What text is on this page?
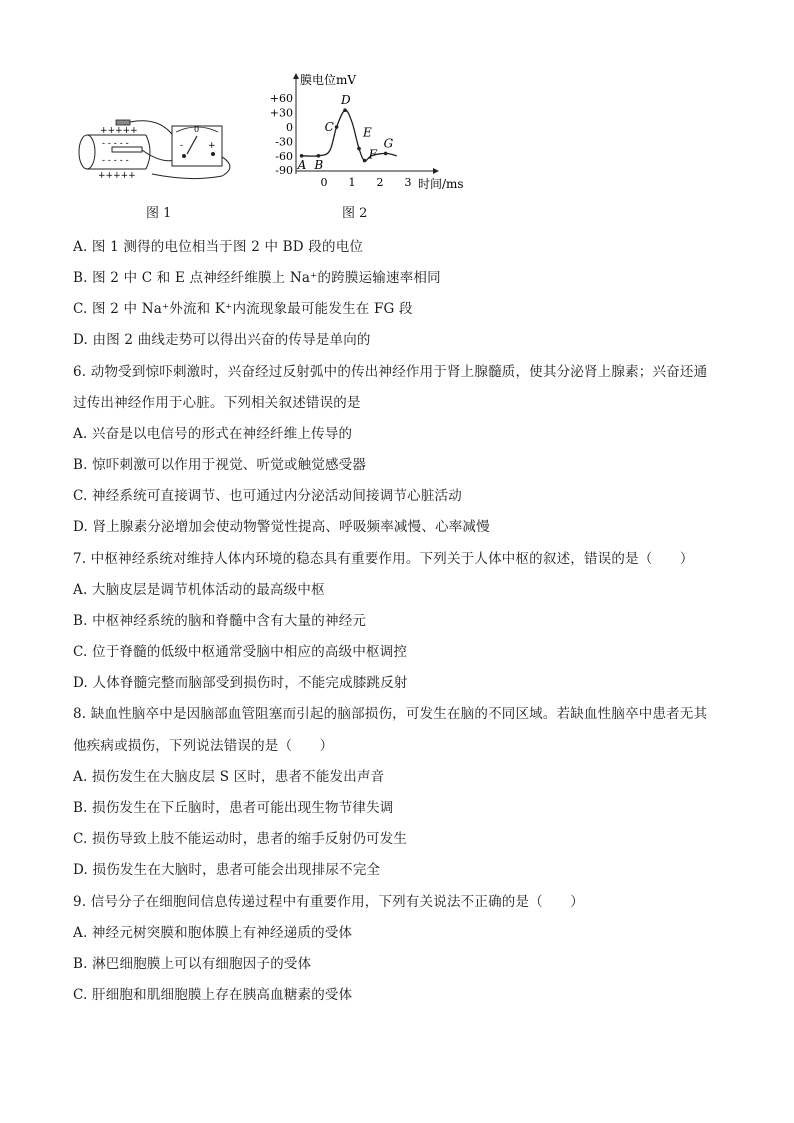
+++++
- - - - -
- - - - -
+++++
0
-	+
图 1
膜电位mV
时间/ms
+60
+30
0
-30
-60
-90
0 1 2 3
A B
C
D
E
F
G
图 2
A. 图 1 测得的电位相当于图 2 中 BD 段的电位
B. 图 2 中 C 和 E 点神经纤维膜上 Na⁺的跨膜运输速率相同
C. 图 2 中 Na⁺外流和 K⁺内流现象最可能发生在 FG 段
D. 由图 2 曲线走势可以得出兴奋的传导是单向的
6. 动物受到惊吓刺激时，兴奋经过反射弧中的传出神经作用于肾上腺髓质，使其分泌肾上腺素；兴奋还通
过传出神经作用于心脏。下列相关叙述错误的是
A. 兴奋是以电信号的形式在神经纤维上传导的
B. 惊吓刺激可以作用于视觉、听觉或触觉感受器
C. 神经系统可直接调节、也可通过内分泌活动间接调节心脏活动
D. 肾上腺素分泌增加会使动物警觉性提高、呼吸频率减慢、心率减慢
7. 中枢神经系统对维持人体内环境的稳态具有重要作用。下列关于人体中枢的叙述，错误的是（　　）
A. 大脑皮层是调节机体活动的最高级中枢
B. 中枢神经系统的脑和脊髓中含有大量的神经元
C. 位于脊髓的低级中枢通常受脑中相应的高级中枢调控
D. 人体脊髓完整而脑部受到损伤时，不能完成膝跳反射
8. 缺血性脑卒中是因脑部血管阻塞而引起的脑部损伤，可发生在脑的不同区域。若缺血性脑卒中患者无其
他疾病或损伤，下列说法错误的是（　　）
A. 损伤发生在大脑皮层 S 区时，患者不能发出声音
B. 损伤发生在下丘脑时，患者可能出现生物节律失调
C. 损伤导致上肢不能运动时，患者的缩手反射仍可发生
D. 损伤发生在大脑时，患者可能会出现排尿不完全
9. 信号分子在细胞间信息传递过程中有重要作用，下列有关说法不正确的是（　　）
A. 神经元树突膜和胞体膜上有神经递质的受体
B. 淋巴细胞膜上可以有细胞因子的受体
C. 肝细胞和肌细胞膜上存在胰高血糖素的受体
